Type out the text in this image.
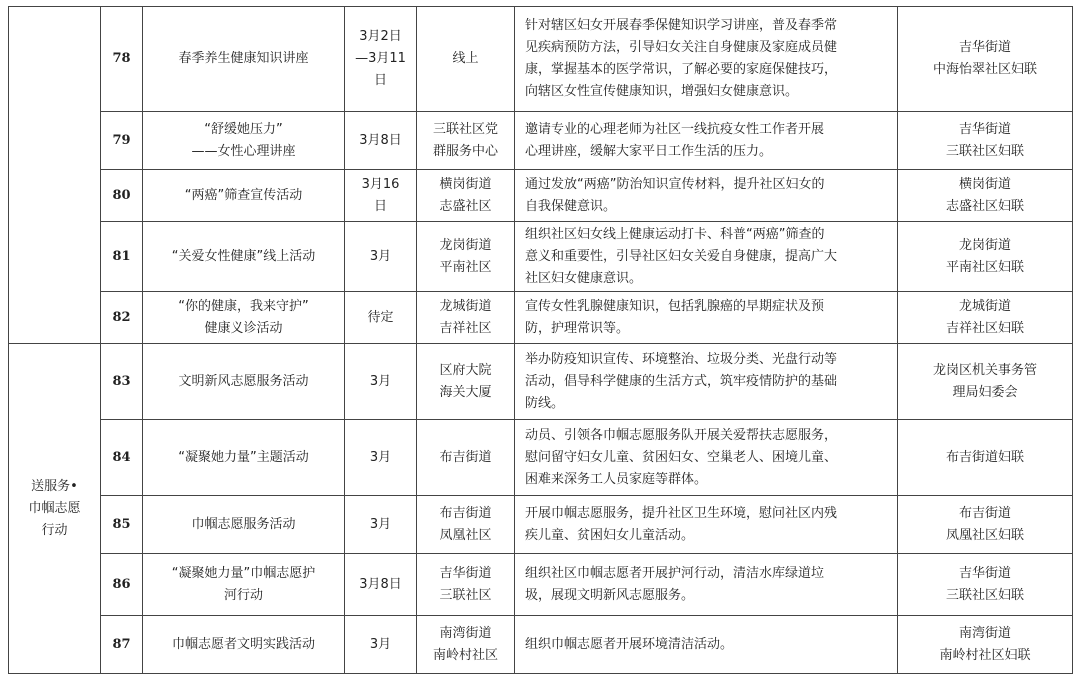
	78	春季养生健康知识讲座	3月2日
—3月11
日	线上	针对辖区妇女开展春季保健知识学习讲座，普及春季常
见疾病预防方法，引导妇女关注自身健康及家庭成员健
康，掌握基本的医学常识，了解必要的家庭保健技巧，
向辖区女性宣传健康知识，增强妇女健康意识。	吉华街道
中海怡翠社区妇联

	79	“舒缓她压力”
——女性心理讲座	3月8日	三联社区党
群服务中心	邀请专业的心理老师为社区一线抗疫女性工作者开展
心理讲座，缓解大家平日工作生活的压力。	吉华街道
三联社区妇联

	80	“两癌”筛查宣传活动	3月16
日	横岗街道
志盛社区	通过发放“两癌”防治知识宣传材料，提升社区妇女的
自我保健意识。	横岗街道
志盛社区妇联

	81	“关爱女性健康”线上活动	3月	龙岗街道
平南社区	组织社区妇女线上健康运动打卡、科普“两癌”筛查的
意义和重要性，引导社区妇女关爱自身健康，提高广大
社区妇女健康意识。	龙岗街道
平南社区妇联

	82	“你的健康，我来守护”
健康义诊活动	待定	龙城街道
吉祥社区	宣传女性乳腺健康知识，包括乳腺癌的早期症状及预
防，护理常识等。	龙城街道
吉祥社区妇联

送服务•
巾帼志愿
行动	83	文明新风志愿服务活动	3月	区府大院
海关大厦	举办防疫知识宣传、环境整治、垃圾分类、光盘行动等
活动，倡导科学健康的生活方式，筑牢疫情防护的基础
防线。	龙岗区机关事务管
理局妇委会

	84	“凝聚她力量”主题活动	3月	布吉街道	动员、引领各巾帼志愿服务队开展关爱帮扶志愿服务，
慰问留守妇女儿童、贫困妇女、空巢老人、困境儿童、
困难来深务工人员家庭等群体。	布吉街道妇联

	85	巾帼志愿服务活动	3月	布吉街道
凤凰社区	开展巾帼志愿服务，提升社区卫生环境，慰问社区内残
疾儿童、贫困妇女儿童活动。	布吉街道
凤凰社区妇联

	86	“凝聚她力量”巾帼志愿护
河行动	3月8日	吉华街道
三联社区	组织社区巾帼志愿者开展护河行动，清洁水库绿道垃
圾，展现文明新风志愿服务。	吉华街道
三联社区妇联

	87	巾帼志愿者文明实践活动	3月	南湾街道
南岭村社区	组织巾帼志愿者开展环境清洁活动。	南湾街道
南岭村社区妇联
